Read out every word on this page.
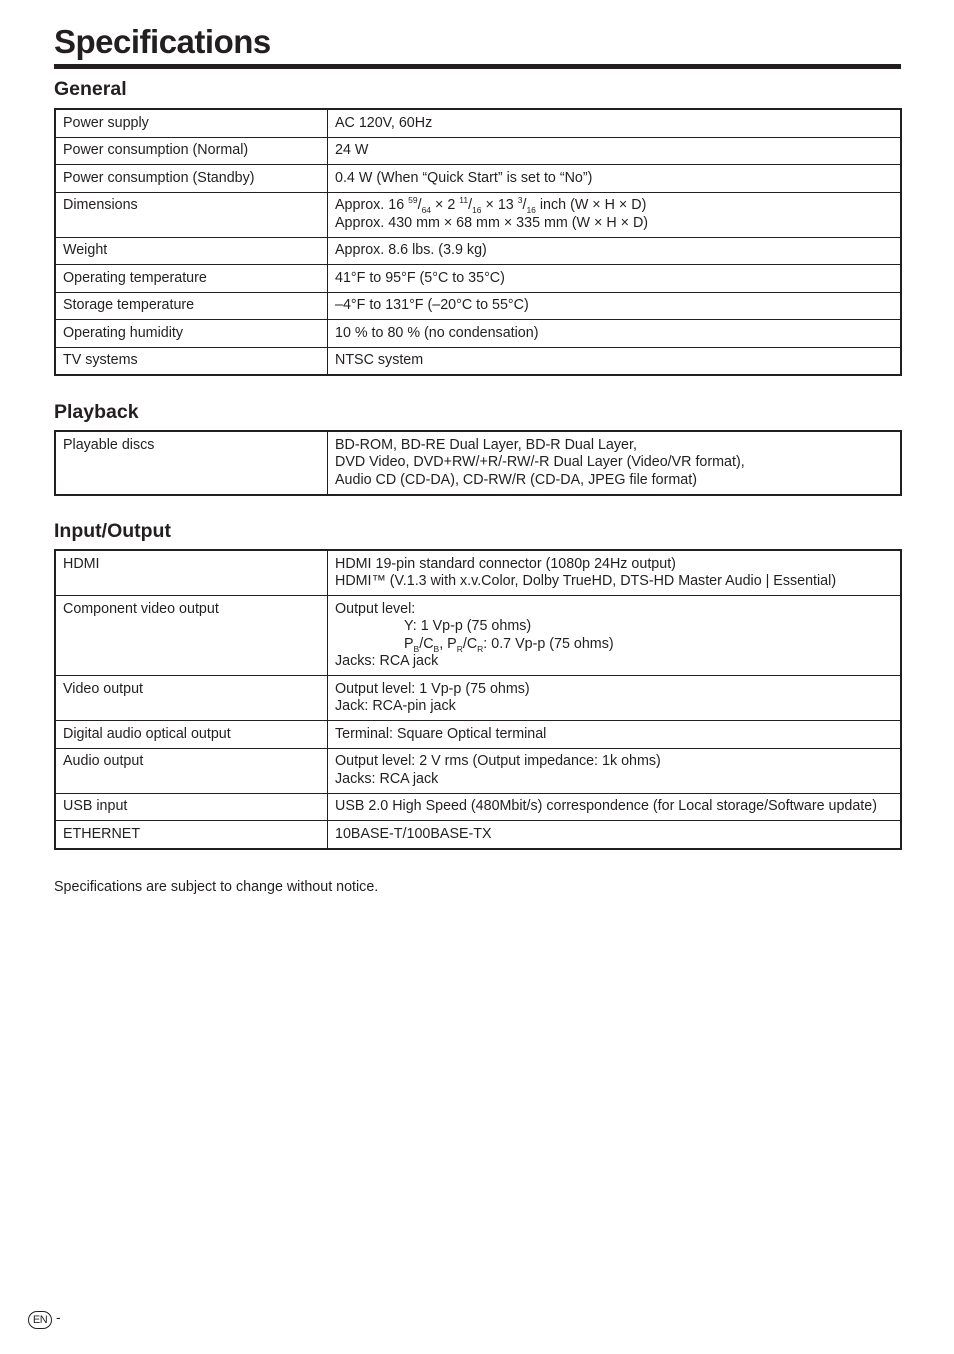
Specifications
General
Power supply	AC 120V, 60Hz
Power consumption (Normal)	24 W
Power consumption (Standby)	0.4 W (When “Quick Start” is set to “No”)
Dimensions	Approx. 16 $^{59}/_{64} \times 2$ $^{11}/_{16} \times 13$ $^3/_{16}$ inch (W × H × D)
Approx. 430 mm × 68 mm × 335 mm (W × H × D)

Weight	Approx. 8.6 lbs. (3.9 kg)
Operating temperature	41°F to 95°F (5°C to 35°C)
Storage temperature	–4°F to 131°F (–20°C to 55°C)
Operating humidity	10 % to 80 % (no condensation)
TV systems	NTSC system
Playback
Playable discs	BD-ROM, BD-RE Dual Layer, BD-R Dual Layer,
DVD Video, DVD+RW/+R/-RW/-R Dual Layer (Video/VR format),
Audio CD (CD-DA), CD-RW/R (CD-DA, JPEG file format)
Input/Output
HDMI	HDMI 19-pin standard connector (1080p 24Hz output)
HDMI™ (V.1.3 with x.v.Color, Dolby TrueHD, DTS-HD Master Audio | Essential)

Component video output	Output level:
Y: 1 Vp-p (75 ohms)
$P_B/C_B$, $P_R/C_R$: 0.7 Vp-p (75 ohms)
Jacks: RCA jack

Video output	Output level: 1 Vp-p (75 ohms)
Jack: RCA-pin jack

Digital audio optical output	Terminal: Square Optical terminal

Audio output	Output level: 2 V rms (Output impedance: 1k ohms)
Jacks: RCA jack

USB input	USB 2.0 High Speed (480Mbit/s) correspondence (for Local storage/Software update)

ETHERNET	10BASE-T/100BASE-TX
Specifications are subject to change without notice.
EN -
